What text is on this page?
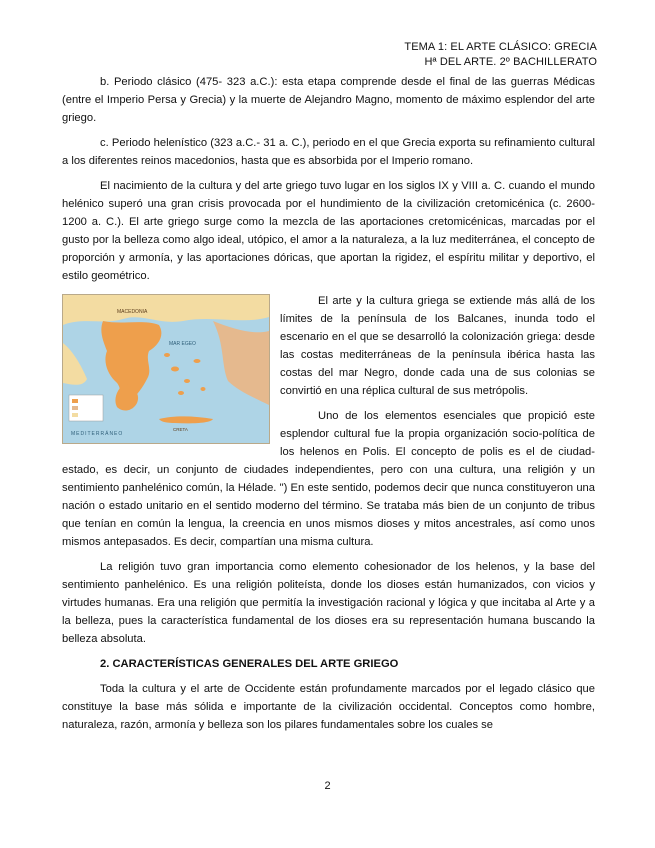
TEMA 1: EL ARTE CLÁSICO: GRECIA
Hª DEL ARTE. 2º BACHILLERATO

b. Periodo clásico (475- 323 a.C.): esta etapa comprende desde el final de las guerras Médicas (entre el Imperio Persa y Grecia) y la muerte de Alejandro Magno, momento de máximo esplendor del arte griego.

c. Periodo helenístico (323 a.C.- 31 a. C.), periodo en el que Grecia exporta su refinamiento cultural a los diferentes reinos macedonios, hasta que es absorbida por el Imperio romano.

El nacimiento de la cultura y del arte griego tuvo lugar en los siglos IX y VIII a. C. cuando el mundo helénico superó una gran crisis provocada por el hundimiento de la civilización cretomicénica (c. 2600- 1200 a. C.). El arte griego surge como la mezcla de las aportaciones cretomicénicas, marcadas por el gusto por la belleza como algo ideal, utópico, el amor a la naturaleza, a la luz mediterránea, el concepto de proporción y armonía, y las aportaciones dóricas, que aportan la rigidez, el espíritu militar y deportivo, el estilo geométrico.

MACEDONIA
MAR EGEO
MEDITERRÁNEO
CRETA

El arte y la cultura griega se extiende más allá de los límites de la península de los Balcanes, inunda todo el escenario en el que se desarrolló la colonización griega: desde las costas mediterráneas de la península ibérica hasta las costas del mar Negro, donde cada una de sus colonias se convirtió en una réplica cultural de sus metrópolis.

Uno de los elementos esenciales que propició este esplendor cultural fue la propia organización socio-política de los helenos en Polis. El concepto de polis es el de ciudad-estado, es decir, un conjunto de ciudades independientes, pero con una cultura, una religión y un sentimiento panhelénico común, la Hélade. ") En este sentido, podemos decir que nunca constituyeron una nación o estado unitario en el sentido moderno del término. Se trataba más bien de un conjunto de tribus que tenían en común la lengua, la creencia en unos mismos dioses y mitos ancestrales, así como unos mismos antepasados. Es decir, compartían una misma cultura.

La religión tuvo gran importancia como elemento cohesionador de los helenos, y la base del sentimiento panhelénico. Es una religión politeísta, donde los dioses están humanizados, con vicios y virtudes humanas. Era una religión que permitía la investigación racional y lógica y que incitaba al Arte y a la belleza, pues la característica fundamental de los dioses era su representación humana buscando la belleza absoluta.

2. CARACTERÍSTICAS GENERALES DEL ARTE GRIEGO

Toda la cultura y el arte de Occidente están profundamente marcados por el legado clásico que constituye la base más sólida e importante de la civilización occidental. Conceptos como hombre, naturaleza, razón, armonía y belleza son los pilares fundamentales sobre los cuales se

2
